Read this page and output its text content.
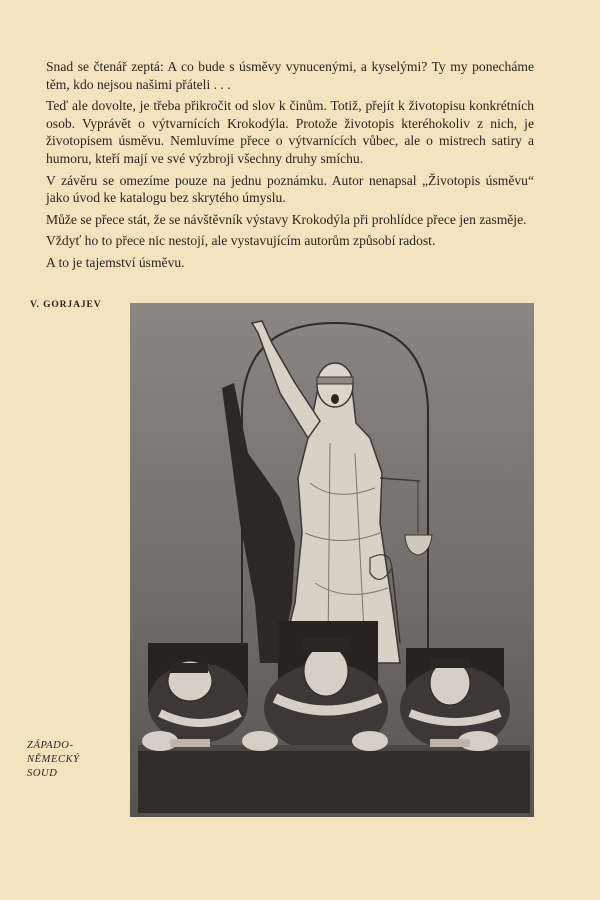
Snad se čtenář zeptá: A co bude s úsměvy vynucenými, a kyselými? Ty my ponecháme těm, kdo nejsou našimi přáteli . . .

Teď ale dovolte, je třeba přikročit od slov k činům. Totiž, přejít k životopisu konkrétních osob. Vyprávět o výtvarnících Krokodýla. Protože životopis kteréhokoliv z nich, je životopisem úsměvu. Nemluvíme přece o výtvarnících vůbec, ale o mistrech satiry a humoru, kteří mají ve své výzbroji všechny druhy smíchu.

V závěru se omezíme pouze na jednu poznámku. Autor nenapsal „Životopis úsměvu“ jako úvod ke katalogu bez skrytého úmyslu.

Může se přece stát, že se návštěvník výstavy Krokodýla při prohlídce přece jen zasměje.

Vždyť ho to přece nic nestojí, ale vystavujícím autorům způsobí radost.

A to je tajemství úsměvu.

V. GORJAJEV
ZÁPADO-
NĚMECKÝ
SOUD
